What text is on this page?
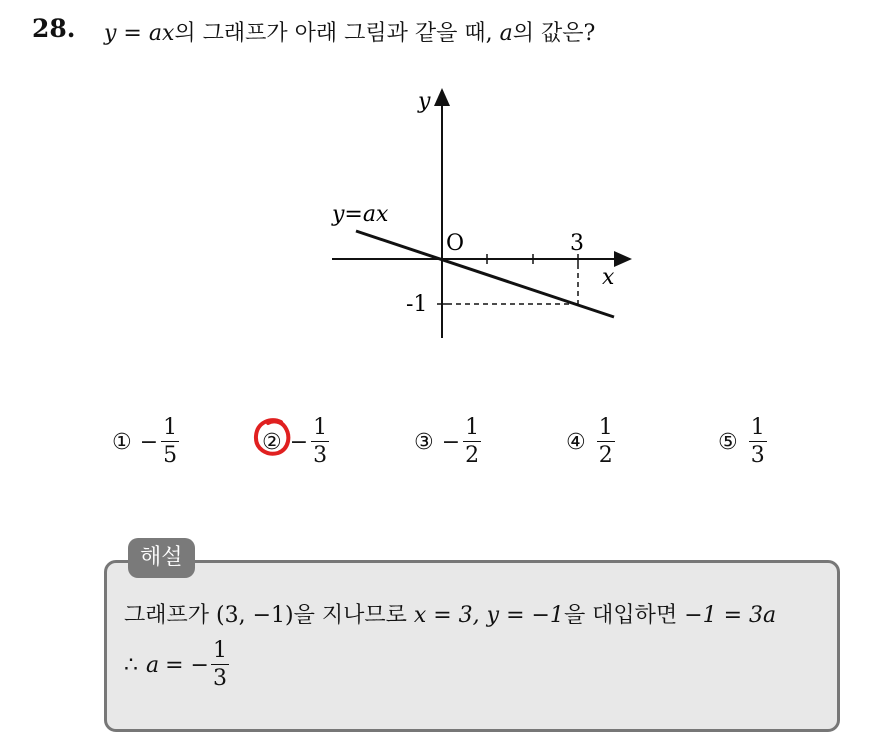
28. y = ax의 그래프가 아래 그림과 같을 때, a의 값은?
y
x
O
y=ax
3
-1
① − $\frac{1}{5}$	② − $\frac{1}{3}$	③ − $\frac{1}{2}$	④ $\frac{1}{2}$	⑤ $\frac{1}{3}$
해설
그래프가 (3, −1)을 지나므로 x = 3, y = −1을 대입하면 −1 = 3a
∴ a = − $\frac{1}{3}$
